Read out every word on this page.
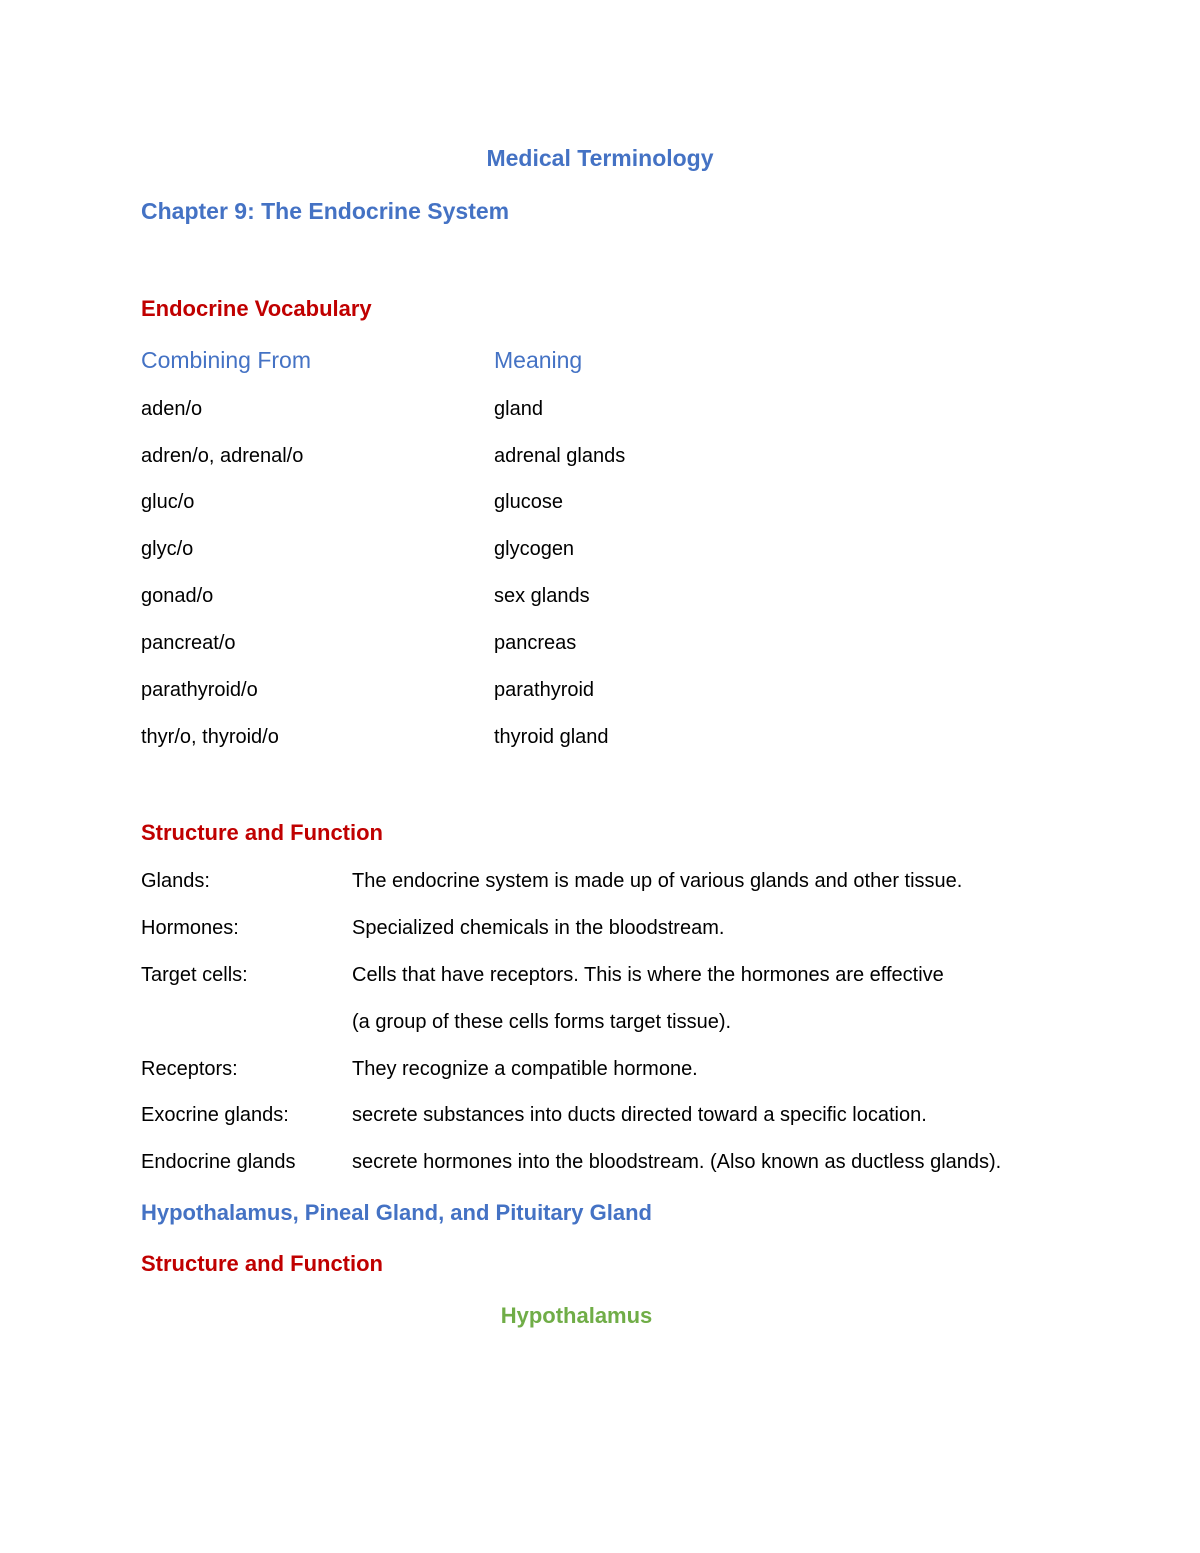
Medical Terminology
Chapter 9: The Endocrine System
Endocrine Vocabulary
Combining From	Meaning
aden/o	gland
adren/o, adrenal/o	adrenal glands
gluc/o	glucose
glyc/o	glycogen
gonad/o	sex glands
pancreat/o	pancreas
parathyroid/o	parathyroid
thyr/o, thyroid/o	thyroid gland
Structure and Function
Glands:	The endocrine system is made up of various glands and other tissue.
Hormones:	Specialized chemicals in the bloodstream.
Target cells:	Cells that have receptors. This is where the hormones are effective
(a group of these cells forms target tissue).
Receptors:	They recognize a compatible hormone.
Exocrine glands:	secrete substances into ducts directed toward a specific location.
Endocrine glands	secrete hormones into the bloodstream. (Also known as ductless glands).
Hypothalamus, Pineal Gland, and Pituitary Gland
Structure and Function
Hypothalamus
